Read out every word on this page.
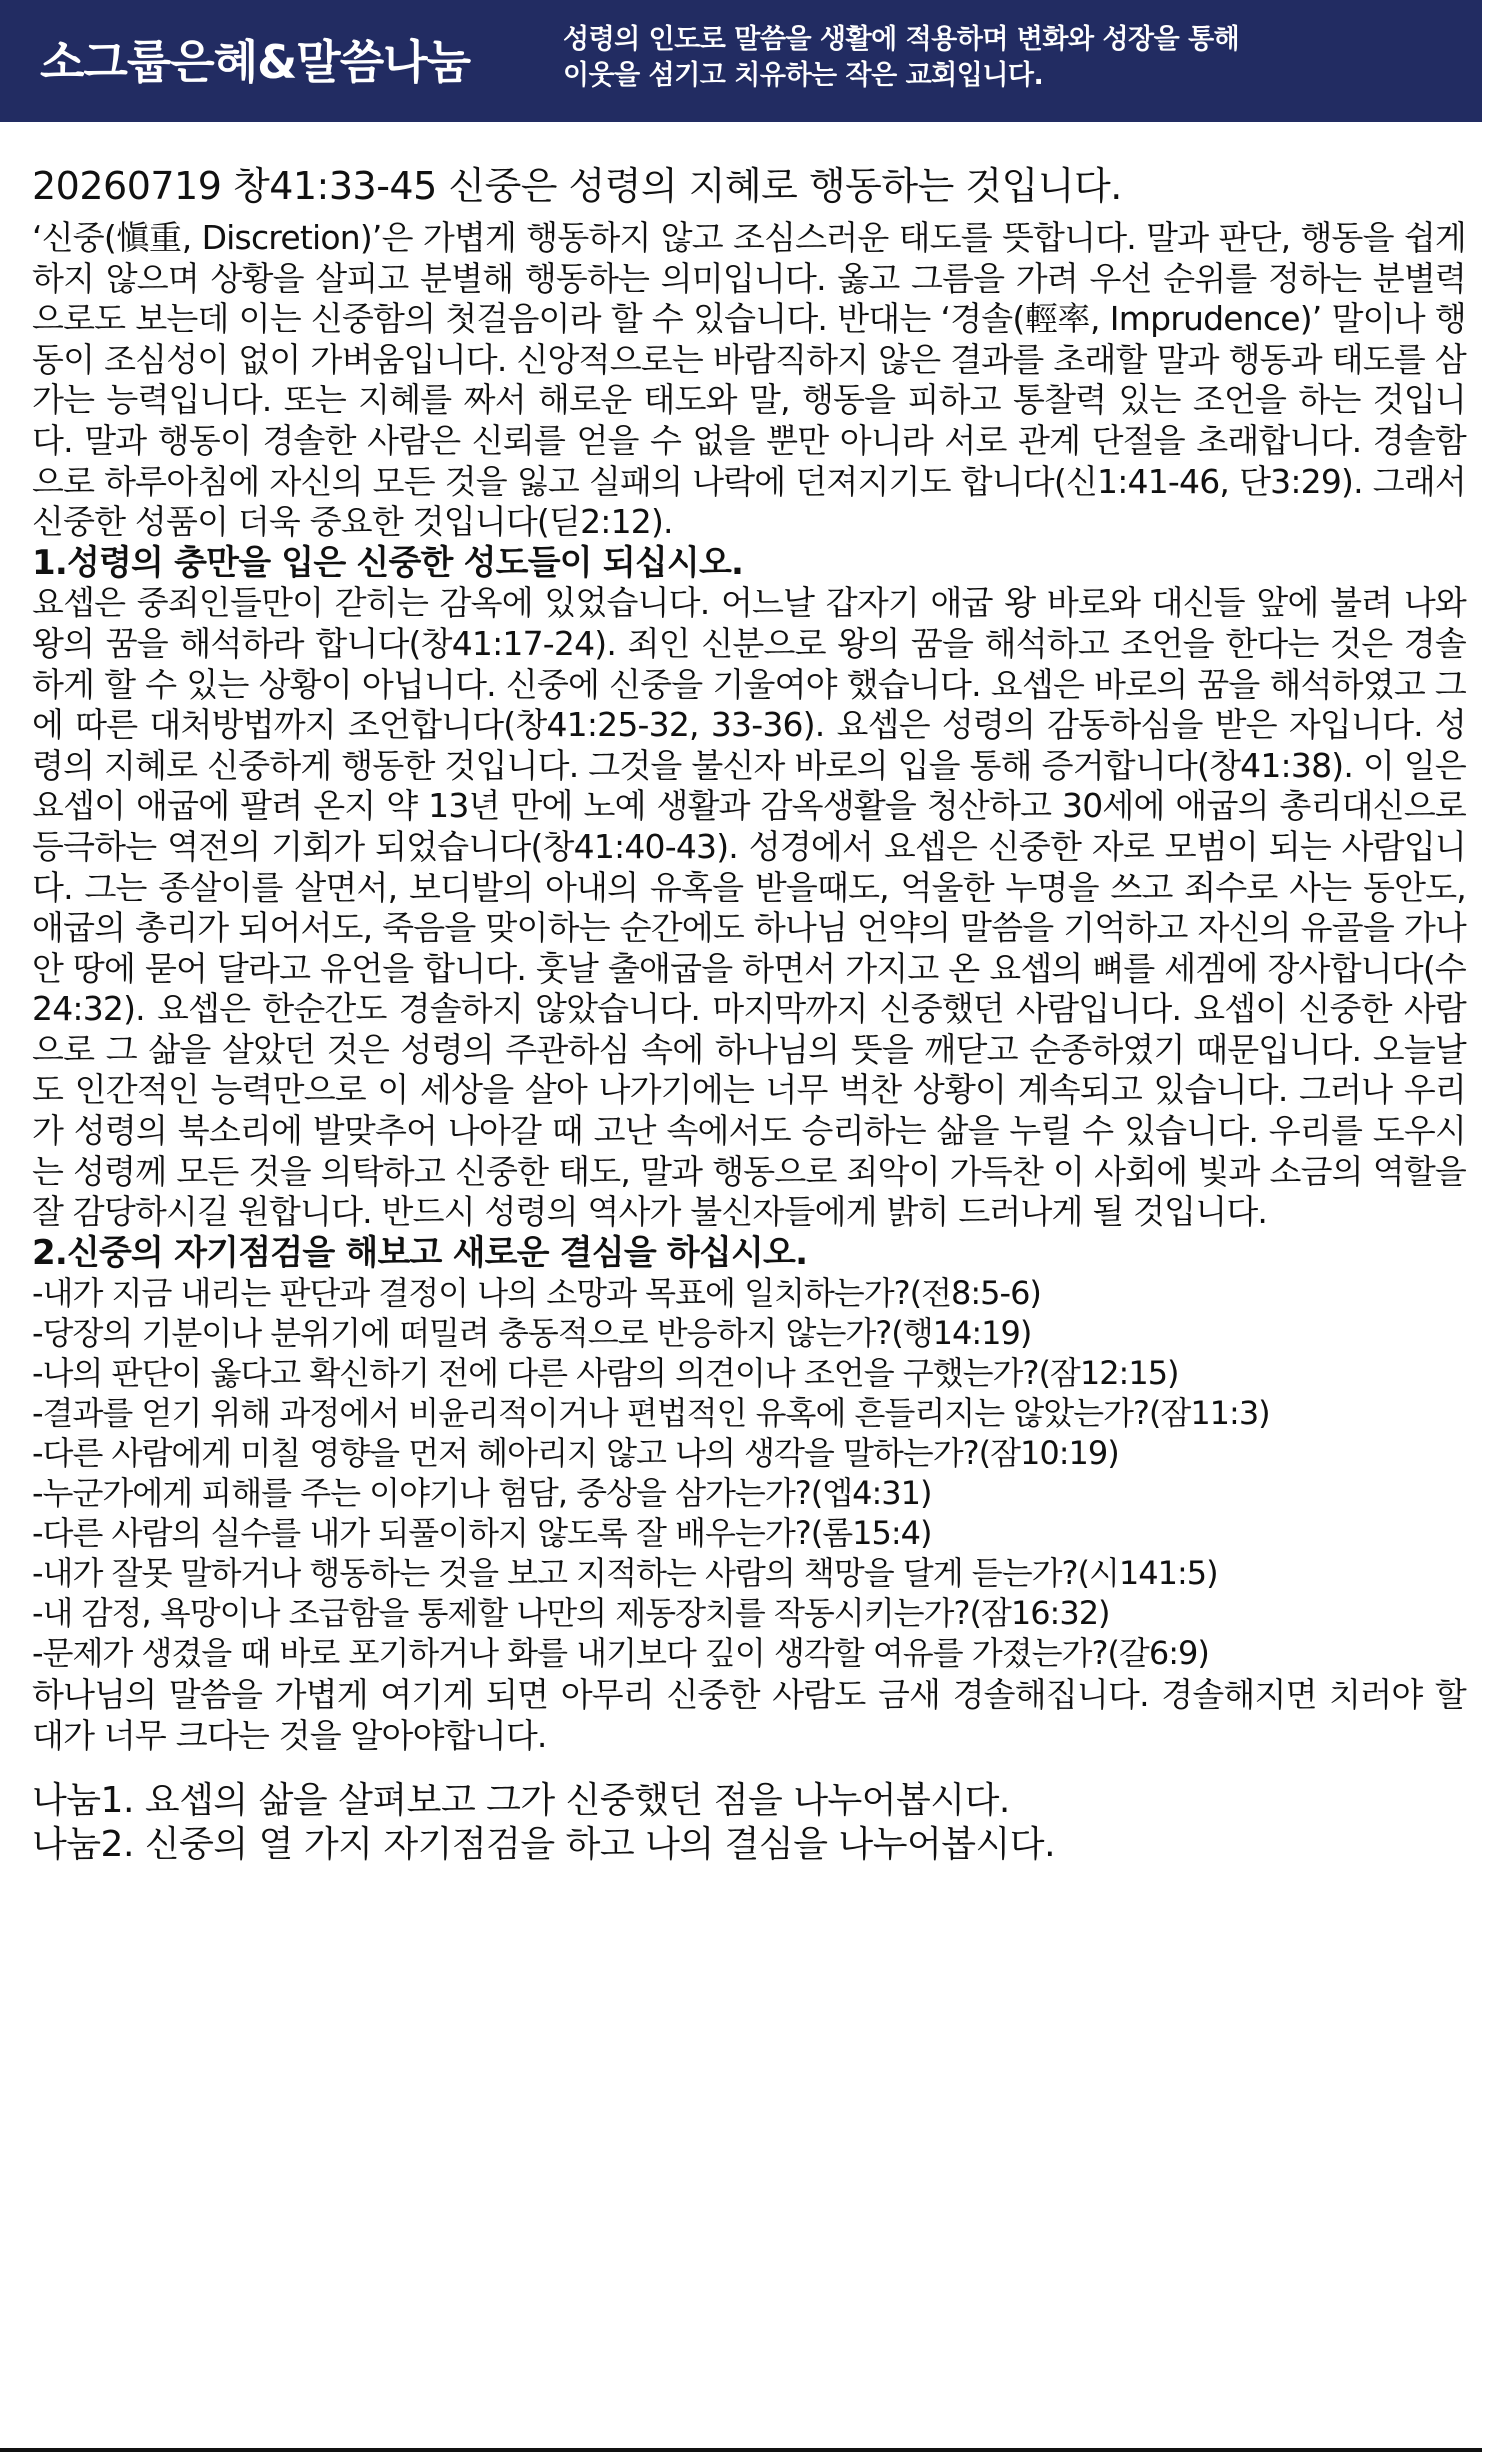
소그룹은혜&말씀나눔	성령의 인도로 말씀을 생활에 적용하며 변화와 성장을 통해
이웃을 섬기고 치유하는 작은 교회입니다.
20260719 창41:33-45 신중은 성령의 지혜로 행동하는 것입니다.

‘신중(愼重, Discretion)’은 가볍게 행동하지 않고 조심스러운 태도를 뜻합니다. 말과 판단, 행동을 쉽게 하지 않으며 상황을 살피고 분별해 행동하는 의미입니다. 옳고 그름을 가려 우선 순위를 정하는 분별력으로도 보는데 이는 신중함의 첫걸음이라 할 수 있습니다. 반대는 ‘경솔(輕率, Imprudence)’ 말이나 행동이 조심성이 없이 가벼움입니다. 신앙적으로는 바람직하지 않은 결과를 초래할 말과 행동과 태도를 삼가는 능력입니다. 또는 지혜를 짜서 해로운 태도와 말, 행동을 피하고 통찰력 있는 조언을 하는 것입니다. 말과 행동이 경솔한 사람은 신뢰를 얻을 수 없을 뿐만 아니라 서로 관계 단절을 초래합니다. 경솔함으로 하루아침에 자신의 모든 것을 잃고 실패의 나락에 던져지기도 합니다(신1:41-46, 단3:29). 그래서 신중한 성품이 더욱 중요한 것입니다(딛2:12).

1.성령의 충만을 입은 신중한 성도들이 되십시오.

요셉은 중죄인들만이 갇히는 감옥에 있었습니다. 어느날 갑자기 애굽 왕 바로와 대신들 앞에 불려 나와 왕의 꿈을 해석하라 합니다(창41:17-24). 죄인 신분으로 왕의 꿈을 해석하고 조언을 한다는 것은 경솔하게 할 수 있는 상황이 아닙니다. 신중에 신중을 기울여야 했습니다. 요셉은 바로의 꿈을 해석하였고 그에 따른 대처방법까지 조언합니다(창41:25-32, 33-36). 요셉은 성령의 감동하심을 받은 자입니다. 성령의 지혜로 신중하게 행동한 것입니다. 그것을 불신자 바로의 입을 통해 증거합니다(창41:38). 이 일은 요셉이 애굽에 팔려 온지 약 13년 만에 노예 생활과 감옥생활을 청산하고 30세에 애굽의 총리대신으로 등극하는 역전의 기회가 되었습니다(창41:40-43). 성경에서 요셉은 신중한 자로 모범이 되는 사람입니다. 그는 종살이를 살면서, 보디발의 아내의 유혹을 받을때도, 억울한 누명을 쓰고 죄수로 사는 동안도, 애굽의 총리가 되어서도, 죽음을 맞이하는 순간에도 하나님 언약의 말씀을 기억하고 자신의 유골을 가나안 땅에 묻어 달라고 유언을 합니다. 훗날 출애굽을 하면서 가지고 온 요셉의 뼈를 세겜에 장사합니다(수24:32). 요셉은 한순간도 경솔하지 않았습니다. 마지막까지 신중했던 사람입니다. 요셉이 신중한 사람으로 그 삶을 살았던 것은 성령의 주관하심 속에 하나님의 뜻을 깨닫고 순종하였기 때문입니다. 오늘날도 인간적인 능력만으로 이 세상을 살아 나가기에는 너무 벅찬 상황이 계속되고 있습니다. 그러나 우리가 성령의 북소리에 발맞추어 나아갈 때 고난 속에서도 승리하는 삶을 누릴 수 있습니다. 우리를 도우시는 성령께 모든 것을 의탁하고 신중한 태도, 말과 행동으로 죄악이 가득찬 이 사회에 빛과 소금의 역할을 잘 감당하시길 원합니다. 반드시 성령의 역사가 불신자들에게 밝히 드러나게 될 것입니다.

2.신중의 자기점검을 해보고 새로운 결심을 하십시오.
-내가 지금 내리는 판단과 결정이 나의 소망과 목표에 일치하는가?(전8:5-6)
-당장의 기분이나 분위기에 떠밀려 충동적으로 반응하지 않는가?(행14:19)
-나의 판단이 옳다고 확신하기 전에 다른 사람의 의견이나 조언을 구했는가?(잠12:15)
-결과를 얻기 위해 과정에서 비윤리적이거나 편법적인 유혹에 흔들리지는 않았는가?(잠11:3)
-다른 사람에게 미칠 영향을 먼저 헤아리지 않고 나의 생각을 말하는가?(잠10:19)
-누군가에게 피해를 주는 이야기나 험담, 중상을 삼가는가?(엡4:31)
-다른 사람의 실수를 내가 되풀이하지 않도록 잘 배우는가?(롬15:4)
-내가 잘못 말하거나 행동하는 것을 보고 지적하는 사람의 책망을 달게 듣는가?(시141:5)
-내 감정, 욕망이나 조급함을 통제할 나만의 제동장치를 작동시키는가?(잠16:32)
-문제가 생겼을 때 바로 포기하거나 화를 내기보다 깊이 생각할 여유를 가졌는가?(갈6:9)

하나님의 말씀을 가볍게 여기게 되면 아무리 신중한 사람도 금새 경솔해집니다. 경솔해지면 치러야 할 대가 너무 크다는 것을 알아야합니다.

나눔1. 요셉의 삶을 살펴보고 그가 신중했던 점을 나누어봅시다.
나눔2. 신중의 열 가지 자기점검을 하고 나의 결심을 나누어봅시다.
